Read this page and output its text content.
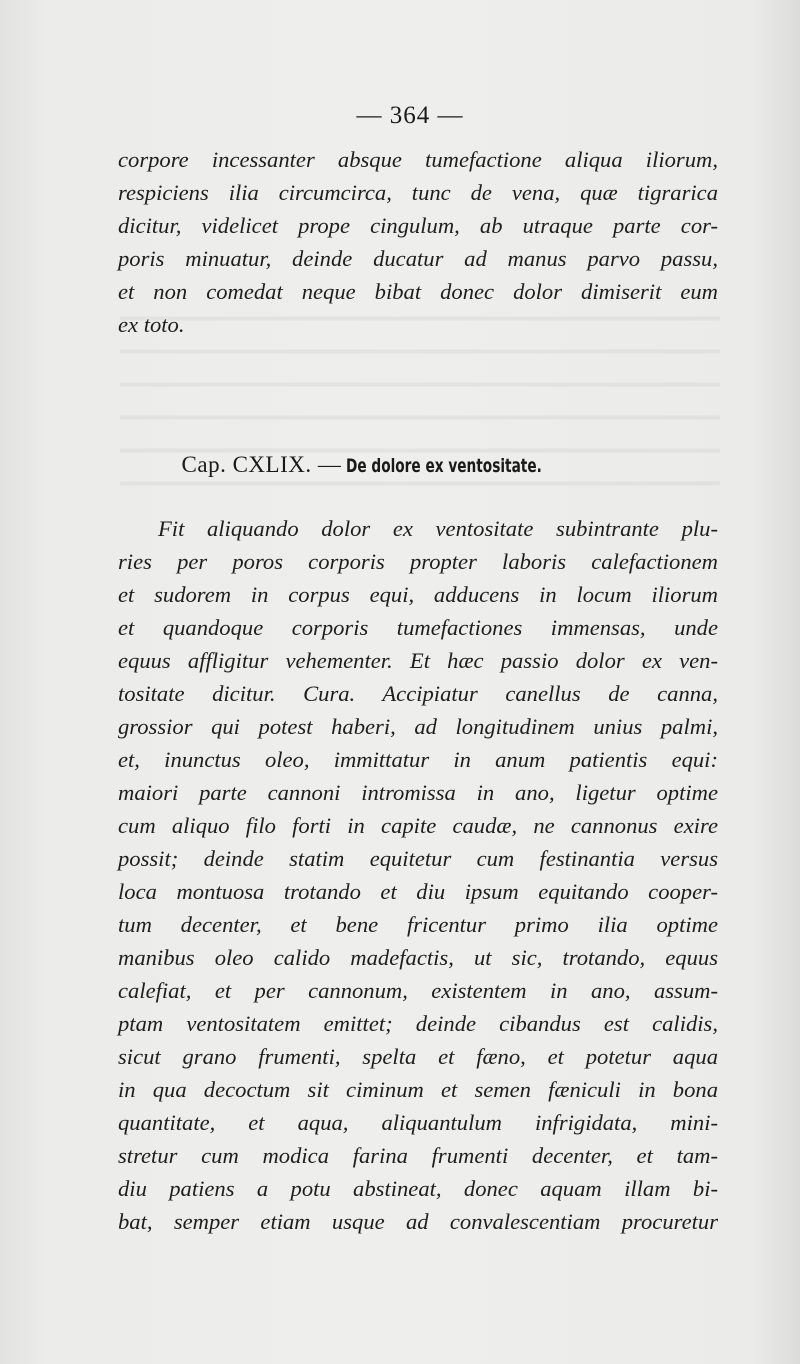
— 364 —
corpore incessanter absque tumefactione aliqua iliorum,
respiciens ilia circumcirca, tunc de vena, quæ tigrarica
dicitur, videlicet prope cingulum, ab utraque parte cor-
poris minuatur, deinde ducatur ad manus parvo passu,
et non comedat neque bibat donec dolor dimiserit eum
ex toto.
Cap. CXLIX. — De dolore ex ventositate.
Fit aliquando dolor ex ventositate subintrante plu-
ries per poros corporis propter laboris calefactionem
et sudorem in corpus equi, adducens in locum iliorum
et quandoque corporis tumefactiones immensas, unde
equus affligitur vehementer. Et hæc passio dolor ex ven-
tositate dicitur. Cura. Accipiatur canellus de canna,
grossior qui potest haberi, ad longitudinem unius palmi,
et, inunctus oleo, immittatur in anum patientis equi:
maiori parte cannoni intromissa in ano, ligetur optime
cum aliquo filo forti in capite caudæ, ne cannonus exire
possit; deinde statim equitetur cum festinantia versus
loca montuosa trotando et diu ipsum equitando cooper-
tum decenter, et bene fricentur primo ilia optime
manibus oleo calido madefactis, ut sic, trotando, equus
calefiat, et per cannonum, existentem in ano, assum-
ptam ventositatem emittet; deinde cibandus est calidis,
sicut grano frumenti, spelta et fæno, et potetur aqua
in qua decoctum sit ciminum et semen fæniculi in bona
quantitate, et aqua, aliquantulum infrigidata, mini-
stretur cum modica farina frumenti decenter, et tam-
diu patiens a potu abstineat, donec aquam illam bi-
bat, semper etiam usque ad convalescentiam procuretur
